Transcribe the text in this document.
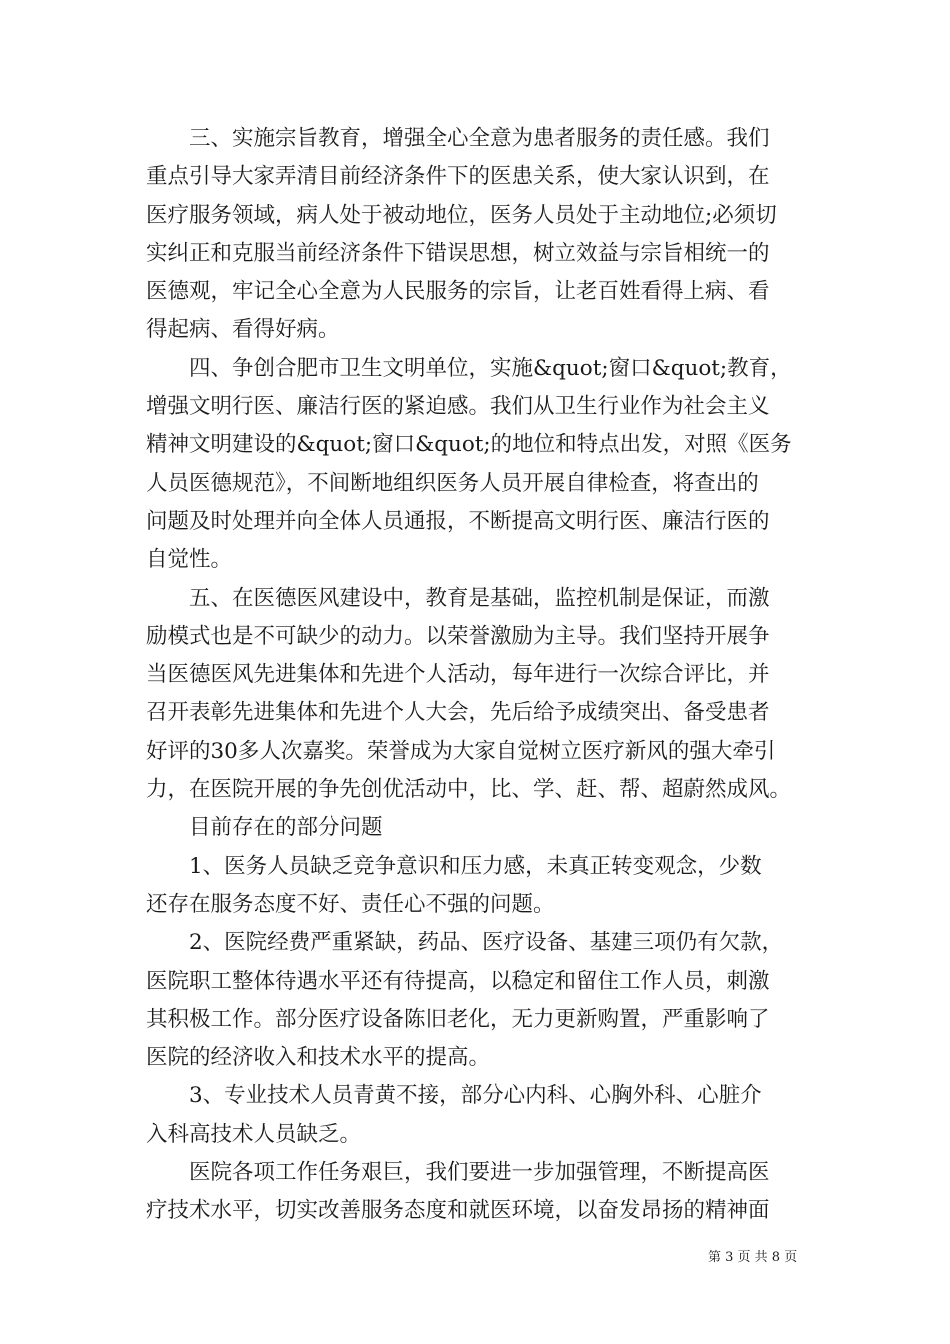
　　三、实施宗旨教育，增强全心全意为患者服务的责任感。我们
重点引导大家弄清目前经济条件下的医患关系，使大家认识到，在
医疗服务领域，病人处于被动地位，医务人员处于主动地位;必须切
实纠正和克服当前经济条件下错误思想，树立效益与宗旨相统一的
医德观，牢记全心全意为人民服务的宗旨，让老百姓看得上病、看
得起病、看得好病。
　　四、争创合肥市卫生文明单位，实施&quot;窗口&quot;教育，
增强文明行医、廉洁行医的紧迫感。我们从卫生行业作为社会主义
精神文明建设的&quot;窗口&quot;的地位和特点出发，对照《医务
人员医德规范》，不间断地组织医务人员开展自律检查，将查出的
问题及时处理并向全体人员通报，不断提高文明行医、廉洁行医的
自觉性。
　　五、在医德医风建设中，教育是基础，监控机制是保证，而激
励模式也是不可缺少的动力。以荣誉激励为主导。我们坚持开展争
当医德医风先进集体和先进个人活动，每年进行一次综合评比，并
召开表彰先进集体和先进个人大会，先后给予成绩突出、备受患者
好评的30多人次嘉奖。荣誉成为大家自觉树立医疗新风的强大牵引
力，在医院开展的争先创优活动中，比、学、赶、帮、超蔚然成风。
　　目前存在的部分问题
　　1、医务人员缺乏竞争意识和压力感，未真正转变观念，少数
还存在服务态度不好、责任心不强的问题。
　　2、医院经费严重紧缺，药品、医疗设备、基建三项仍有欠款，
医院职工整体待遇水平还有待提高，以稳定和留住工作人员，刺激
其积极工作。部分医疗设备陈旧老化，无力更新购置，严重影响了
医院的经济收入和技术水平的提高。
　　3、专业技术人员青黄不接，部分心内科、心胸外科、心脏介
入科高技术人员缺乏。
　　医院各项工作任务艰巨，我们要进一步加强管理，不断提高医
疗技术水平，切实改善服务态度和就医环境，以奋发昂扬的精神面
第 3 页 共 8 页
